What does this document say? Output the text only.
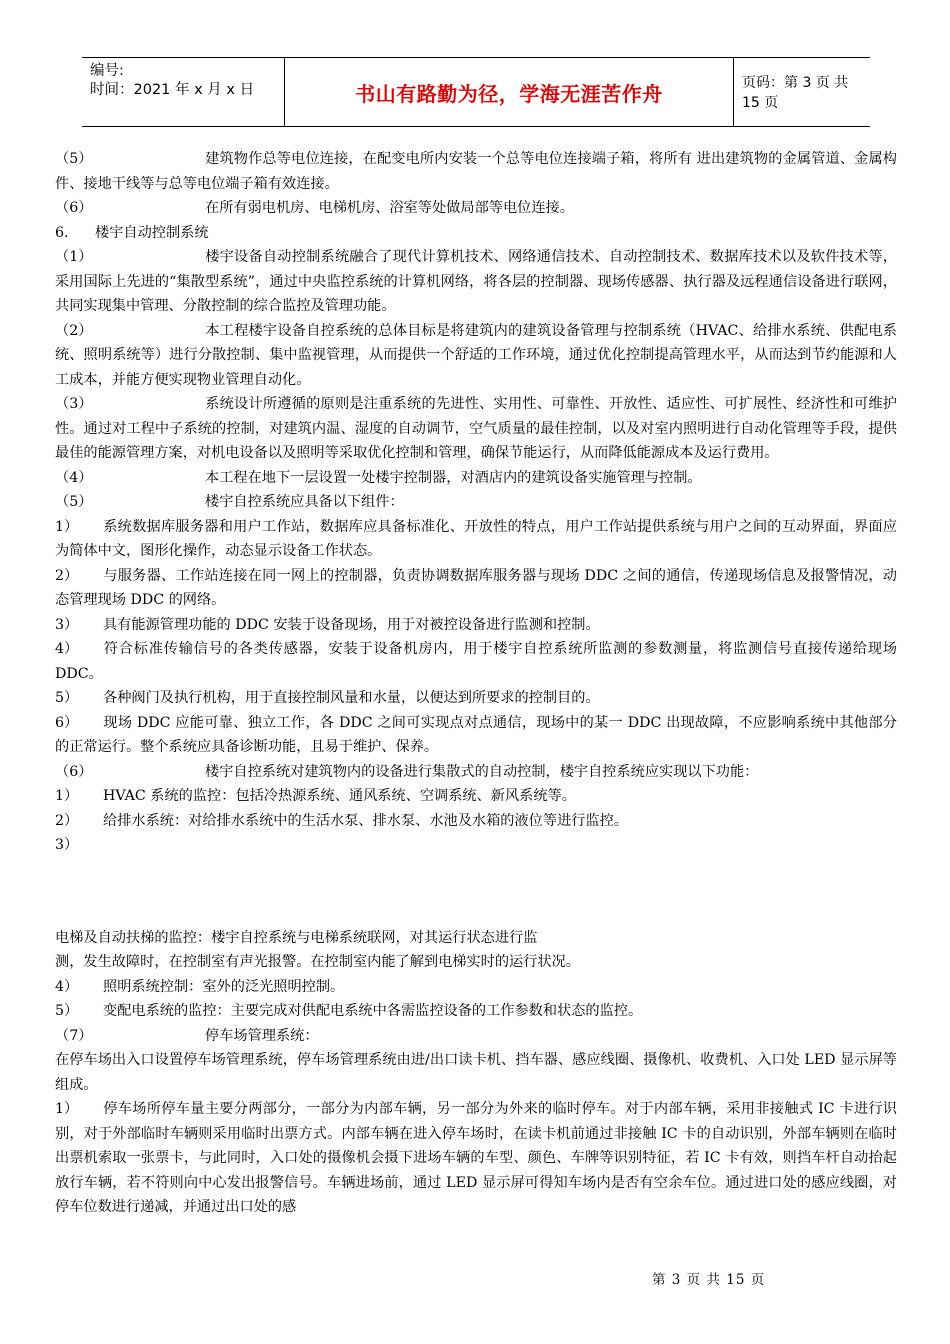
编号:
时间：2021 年 x 月 x 日	书山有路勤为径，学海无涯苦作舟	页码：第 3 页 共 15 页

（5）	建筑物作总等电位连接，在配变电所内安装一个总等电位连接端子箱，将所有 进出建筑物的金属管道、金属构件、接地干线等与总等电位端子箱有效连接。

（6）	在所有弱电机房、电梯机房、浴室等处做局部等电位连接。

6. 楼宇自动控制系统

（1）	楼宇设备自动控制系统融合了现代计算机技术、网络通信技术、自动控制技术、数据库技术以及软件技术等，采用国际上先进的“集散型系统”，通过中央监控系统的计算机网络，将各层的控制器、现场传感器、执行器及远程通信设备进行联网，共同实现集中管理、分散控制的综合监控及管理功能。

（2）	本工程楼宇设备自控系统的总体目标是将建筑内的建筑设备管理与控制系统（HVAC、给排水系统、供配电系统、照明系统等）进行分散控制、集中监视管理，从而提供一个舒适的工作环境，通过优化控制提高管理水平，从而达到节约能源和人工成本，并能方便实现物业管理自动化。

（3）	系统设计所遵循的原则是注重系统的先进性、实用性、可靠性、开放性、适应性、可扩展性、经济性和可维护性。通过对工程中子系统的控制，对建筑内温、湿度的自动调节，空气质量的最佳控制，以及对室内照明进行自动化管理等手段，提供最佳的能源管理方案，对机电设备以及照明等采取优化控制和管理，确保节能运行，从而降低能源成本及运行费用。

（4）	本工程在地下一层设置一处楼宇控制器，对酒店内的建筑设备实施管理与控制。

（5）	楼宇自控系统应具备以下组件：

1） 系统数据库服务器和用户工作站，数据库应具备标准化、开放性的特点，用户工作站提供系统与用户之间的互动界面，界面应为简体中文，图形化操作，动态显示设备工作状态。

2） 与服务器、工作站连接在同一网上的控制器，负责协调数据库服务器与现场 DDC 之间的通信，传递现场信息及报警情况，动态管理现场 DDC 的网络。

3） 具有能源管理功能的 DDC 安装于设备现场，用于对被控设备进行监测和控制。

4） 符合标准传输信号的各类传感器，安装于设备机房内，用于楼宇自控系统所监测的参数测量，将监测信号直接传递给现场 DDC。

5） 各种阀门及执行机构，用于直接控制风量和水量，以便达到所要求的控制目的。

6） 现场 DDC 应能可靠、独立工作，各 DDC 之间可实现点对点通信，现场中的某一 DDC 出现故障，不应影响系统中其他部分的正常运行。整个系统应具备诊断功能，且易于维护、保养。

（6）	楼宇自控系统对建筑物内的设备进行集散式的自动控制，楼宇自控系统应实现以下功能：

1） HVAC 系统的监控：包括冷热源系统、通风系统、空调系统、新风系统等。

2） 给排水系统：对给排水系统中的生活水泵、排水泵、水池及水箱的液位等进行监控。

3）

电梯及自动扶梯的监控：楼宇自控系统与电梯系统联网，对其运行状态进行监

测，发生故障时，在控制室有声光报警。在控制室内能了解到电梯实时的运行状况。

4） 照明系统控制：室外的泛光照明控制。

5） 变配电系统的监控：主要完成对供配电系统中各需监控设备的工作参数和状态的监控。

（7）	停车场管理系统：

在停车场出入口设置停车场管理系统，停车场管理系统由进/出口读卡机、挡车器、感应线圈、摄像机、收费机、入口处 LED 显示屏等组成。

1） 停车场所停车量主要分两部分，一部分为内部车辆，另一部分为外来的临时停车。对于内部车辆，采用非接触式 IC 卡进行识别，对于外部临时车辆则采用临时出票方式。内部车辆在进入停车场时，在读卡机前通过非接触 IC 卡的自动识别，外部车辆则在临时出票机索取一张票卡，与此同时，入口处的摄像机会摄下进场车辆的车型、颜色、车牌等识别特征，若 IC 卡有效，则挡车杆自动抬起放行车辆，若不符则向中心发出报警信号。车辆进场前，通过 LED 显示屏可得知车场内是否有空余车位。通过进口处的感应线圈，对停车位数进行递减，并通过出口处的感

第 3 页 共 15 页
